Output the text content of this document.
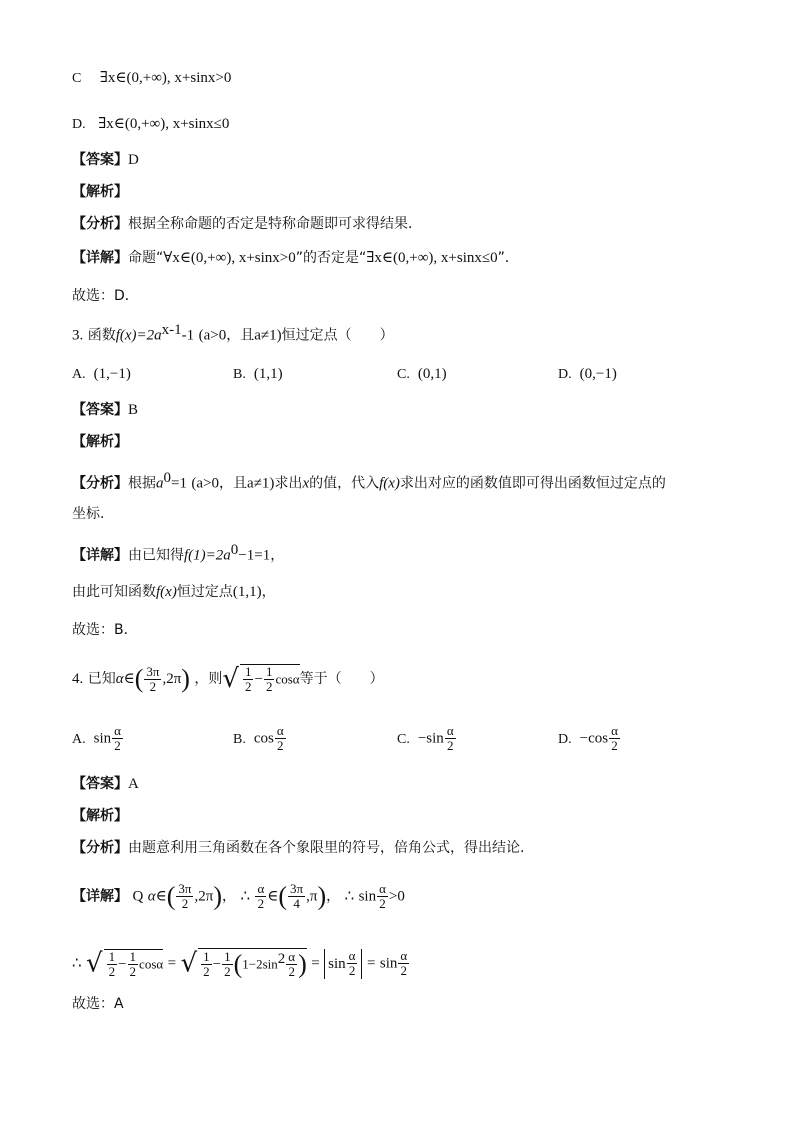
C ∃x∈(0,+∞), x+sinx>0
D. ∃x∈(0,+∞), x+sinx≤0
【答案】D
【解析】
【分析】根据全称命题的否定是特称命题即可求得结果．
【详解】命题“∀x∈(0,+∞), x+sinx>0”的否定是“∃x∈(0,+∞), x+sinx≤0”．
故选：D．
3. 函数$f(x)=2a^{x-1}-1$ (a>0，且a≠1)恒过定点（　　）
A. (1,−1)	B. (1,1)	C. (0,1)	D. (0,−1)
【答案】B
【解析】
【分析】根据$a^0=1$ (a>0，且a≠1)求出x的值，代入f(x)求出对应的函数值即可得出函数恒过定点的
坐标.
【详解】由已知得$f(1)=2a^0-1=1$，
由此可知函数f(x)恒过定点(1,1)，
故选：B．
4. 已知α∈( $\frac{3\pi}{2} ,2\pi$) ，则√ $\frac{1}{2} - \frac{1}{2}$ cosα等于（　　）
A. $\sin \frac{\alpha}{2}$	B. $\cos \frac{\alpha}{2}$	C. $-\sin \frac{\alpha}{2}$	D. $-\cos \frac{\alpha}{2}$
【答案】A
【解析】
【分析】由题意利用三角函数在各个象限里的符号，倍角公式，得出结论.
【详解】 Q α∈( $\frac{3\pi}{2} ,2\pi$)， ∴ $\frac{\alpha}{2}$ ∈( $\frac{3\pi}{4} ,\pi$)， ∴ $\sin \frac{\alpha}{2} >0$
∴ √ $\frac{1}{2} - \frac{1}{2}$ cosα = √ $\frac{1}{2} - \frac{1}{2} (1-2\sin^2 \frac{\alpha}{2}$ ) = $\sin \frac{\alpha}{2} = \sin \frac{\alpha}{2}$
故选：A
